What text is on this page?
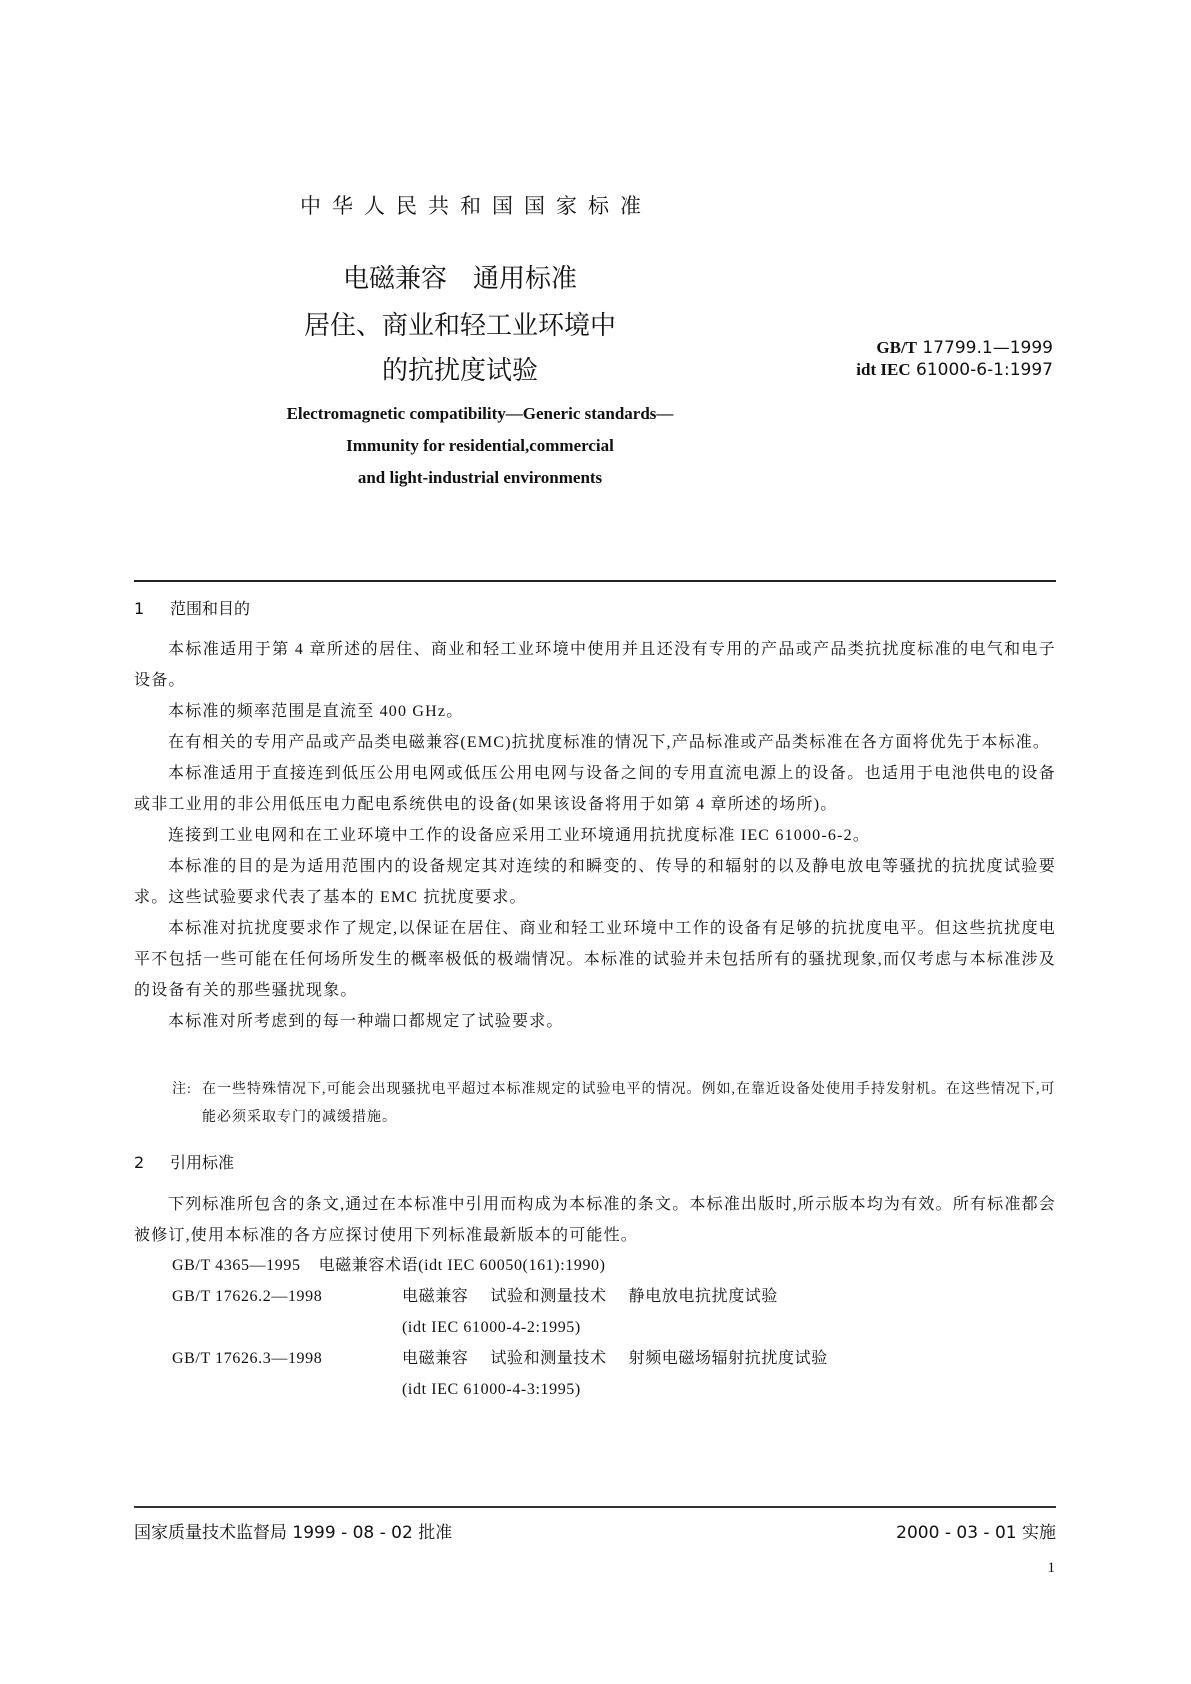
中华人民共和国国家标准
电磁兼容　通用标准
居住、商业和轻工业环境中
的抗扰度试验
GB/T 17799.1—1999
idt IEC 61000-6-1:1997
Electromagnetic compatibility—Generic standards—
Immunity for residential,commercial
and light-industrial environments
1 范围和目的

本标准适用于第 4 章所述的居住、商业和轻工业环境中使用并且还没有专用的产品或产品类抗扰度标准的电气和电子设备。

本标准的频率范围是直流至 400 GHz。

在有相关的专用产品或产品类电磁兼容(EMC)抗扰度标准的情况下,产品标准或产品类标准在各方面将优先于本标准。

本标准适用于直接连到低压公用电网或低压公用电网与设备之间的专用直流电源上的设备。也适用于电池供电的设备或非工业用的非公用低压电力配电系统供电的设备(如果该设备将用于如第 4 章所述的场所)。

连接到工业电网和在工业环境中工作的设备应采用工业环境通用抗扰度标准 IEC 61000-6-2。

本标准的目的是为适用范围内的设备规定其对连续的和瞬变的、传导的和辐射的以及静电放电等骚扰的抗扰度试验要求。这些试验要求代表了基本的 EMC 抗扰度要求。

本标准对抗扰度要求作了规定,以保证在居住、商业和轻工业环境中工作的设备有足够的抗扰度电平。但这些抗扰度电平不包括一些可能在任何场所发生的概率极低的极端情况。本标准的试验并未包括所有的骚扰现象,而仅考虑与本标准涉及的设备有关的那些骚扰现象。

本标准对所考虑到的每一种端口都规定了试验要求。

注: 在一些特殊情况下,可能会出现骚扰电平超过本标准规定的试验电平的情况。例如,在靠近设备处使用手持发射机。在这些情况下,可能必须采取专门的减缓措施。
2 引用标准

下列标准所包含的条文,通过在本标准中引用而构成为本标准的条文。本标准出版时,所示版本均为有效。所有标准都会被修订,使用本标准的各方应探讨使用下列标准最新版本的可能性。

GB/T 4365—1995 电磁兼容术语(idt IEC 60050(161):1990)
GB/T 17626.2—1998	电磁兼容 试验和测量技术 静电放电抗扰度试验
(idt IEC 61000-4-2:1995)
GB/T 17626.3—1998	电磁兼容 试验和测量技术 射频电磁场辐射抗扰度试验
(idt IEC 61000-4-3:1995)
国家质量技术监督局 1999 - 08 - 02 批准	2000 - 03 - 01 实施
1
